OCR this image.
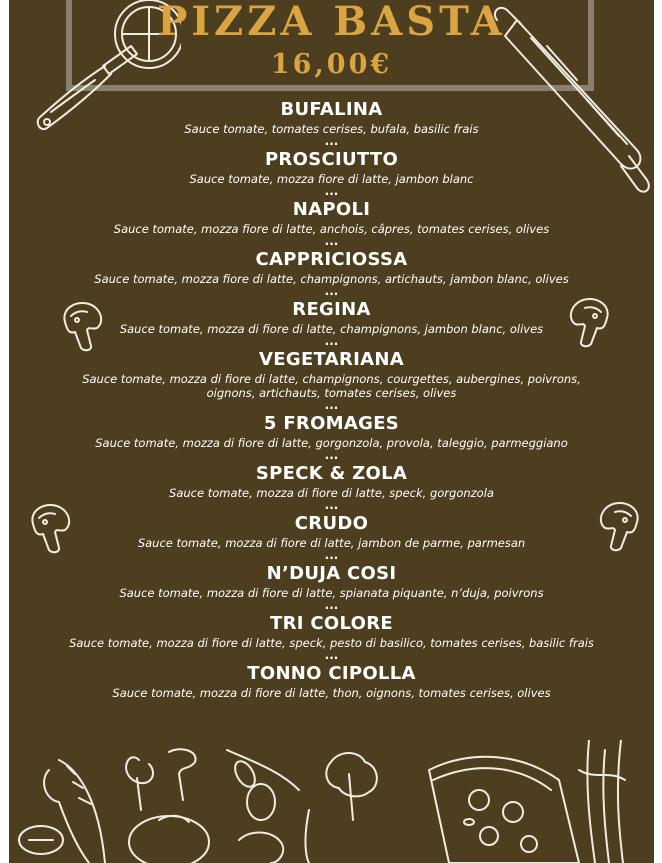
PIZZA BASTA
16,00€
BUFALINA
Sauce tomate, tomates cerises, bufala, basilic frais
...
PROSCIUTTO
Sauce tomate, mozza fiore di latte, jambon blanc
...
NAPOLI
Sauce tomate, mozza fiore di latte, anchois, câpres, tomates cerises, olives
...
CAPPRICIOSSA
Sauce tomate, mozza fiore di latte, champignons, artichauts, jambon blanc, olives
...
REGINA
Sauce tomate, mozza di fiore di latte, champignons, jambon blanc, olives
...
VEGETARIANA
Sauce tomate, mozza di fiore di latte, champignons, courgettes, aubergines, poivrons, oignons, artichauts, tomates cerises, olives
...
5 FROMAGES
Sauce tomate, mozza di fiore di latte, gorgonzola, provola, taleggio, parmeggiano
...
SPECK & ZOLA
Sauce tomate, mozza di fiore di latte, speck, gorgonzola
...
CRUDO
Sauce tomate, mozza di fiore di latte, jambon de parme, parmesan
...
N’DUJA COSI
Sauce tomate, mozza di fiore di latte, spianata piquante, n’duja, poivrons
...
TRI COLORE
Sauce tomate, mozza di fiore di latte, speck, pesto di basilico, tomates cerises, basilic frais
...
TONNO CIPOLLA
Sauce tomate, mozza di fiore di latte, thon, oignons, tomates cerises, olives
